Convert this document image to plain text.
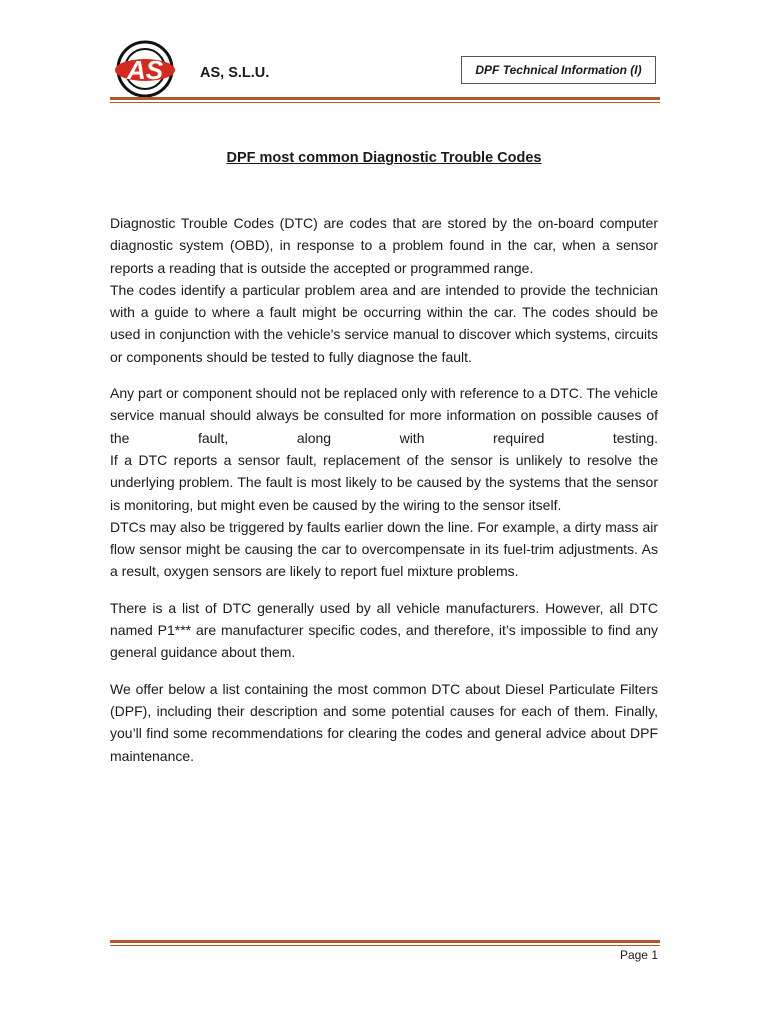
AS	AS, S.L.U.	DPF Technical Information (I)
DPF most common Diagnostic Trouble Codes

Diagnostic Trouble Codes (DTC) are codes that are stored by the on-board computer diagnostic system (OBD), in response to a problem found in the car, when a sensor reports a reading that is outside the accepted or programmed range.

The codes identify a particular problem area and are intended to provide the technician with a guide to where a fault might be occurring within the car. The codes should be used in conjunction with the vehicle's service manual to discover which systems, circuits or components should be tested to fully diagnose the fault.

Any part or component should not be replaced only with reference to a DTC. The vehicle service manual should always be consulted for more information on possible causes of the fault, along with required testing.

If a DTC reports a sensor fault, replacement of the sensor is unlikely to resolve the underlying problem. The fault is most likely to be caused by the systems that the sensor is monitoring, but might even be caused by the wiring to the sensor itself.

DTCs may also be triggered by faults earlier down the line. For example, a dirty mass air flow sensor might be causing the car to overcompensate in its fuel-trim adjustments. As a result, oxygen sensors are likely to report fuel mixture problems.

There is a list of DTC generally used by all vehicle manufacturers. However, all DTC named P1*** are manufacturer specific codes, and therefore, it’s impossible to find any general guidance about them.

We offer below a list containing the most common DTC about Diesel Particulate Filters (DPF), including their description and some potential causes for each of them. Finally, you’ll find some recommendations for clearing the codes and general advice about DPF maintenance.

Page 1
